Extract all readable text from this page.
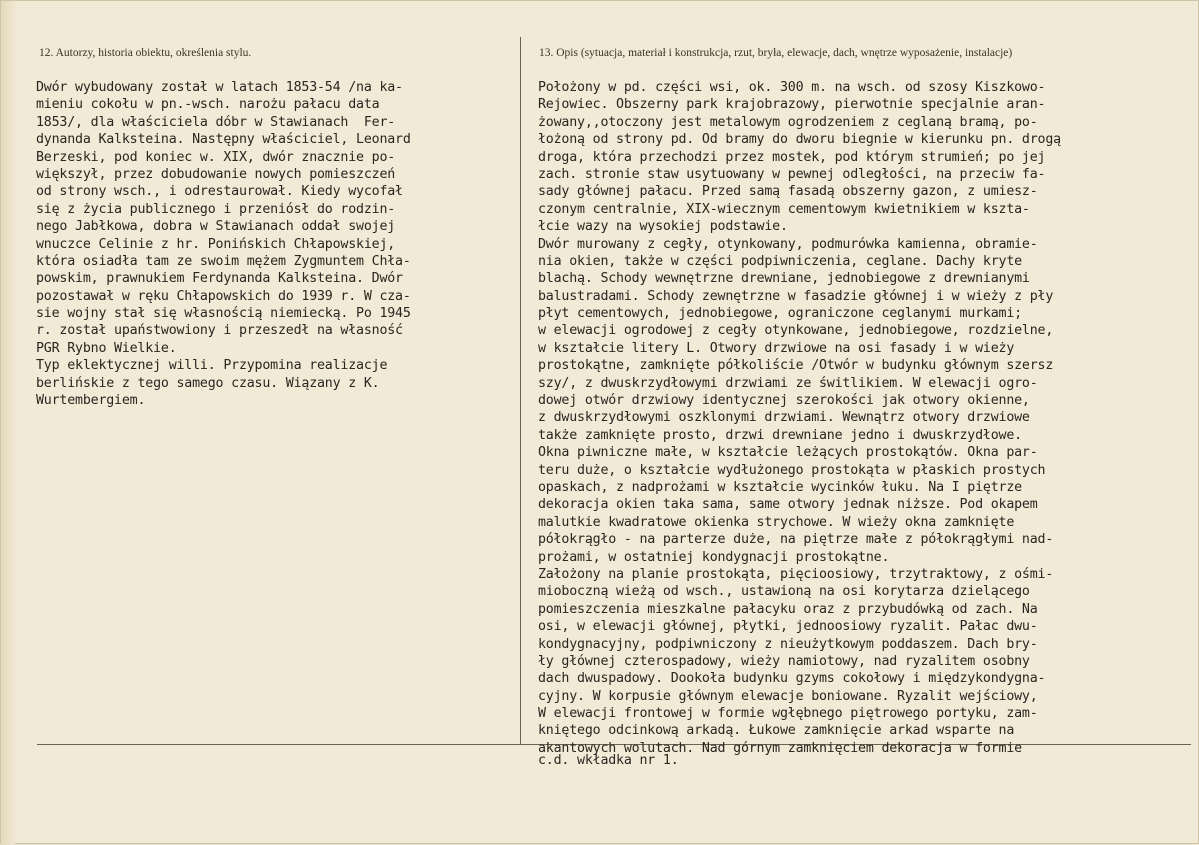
12. Autorzy, historia obiektu, określenia stylu.	13. Opis (sytuacja, materiał i konstrukcja, rzut, bryła, elewacje, dach, wnętrze wyposażenie, instalacje)
Dwór wybudowany został w latach 1853-54 /na ka-
mieniu cokołu w pn.-wsch. narożu pałacu data
1853/, dla właściciela dóbr w Stawianach  Fer-
dynanda Kalksteina. Następny właściciel, Leonard
Berzeski, pod koniec w. XIX, dwór znacznie po-
większył, przez dobudowanie nowych pomieszczeń
od strony wsch., i odrestaurował. Kiedy wycofał
się z życia publicznego i przeniósł do rodzin-
nego Jabłkowa, dobra w Stawianach oddał swojej
wnuczce Celinie z hr. Ponińskich Chłapowskiej,
która osiadła tam ze swoim mężem Zygmuntem Chła-
powskim, prawnukiem Ferdynanda Kalksteina. Dwór
pozostawał w ręku Chłapowskich do 1939 r. W cza-
sie wojny stał się własnością niemiecką. Po 1945
r. został upaństwowiony i przeszedł na własność
PGR Rybno Wielkie.
Typ eklektycznej willi. Przypomina realizacje
berlińskie z tego samego czasu. Wiązany z K.
Wurtembergiem.
Położony w pd. części wsi, ok. 300 m. na wsch. od szosy Kiszkowo-
Rejowiec. Obszerny park krajobrazowy, pierwotnie specjalnie aran-
żowany,,otoczony jest metalowym ogrodzeniem z ceglaną bramą, po-
łożoną od strony pd. Od bramy do dworu biegnie w kierunku pn. drogą
droga, która przechodzi przez mostek, pod którym strumień; po jej
zach. stronie staw usytuowany w pewnej odległości, na przeciw fa-
sady głównej pałacu. Przed samą fasadą obszerny gazon, z umiesz-
czonym centralnie, XIX-wiecznym cementowym kwietnikiem w kszta-
łcie wazy na wysokiej podstawie.
Dwór murowany z cegły, otynkowany, podmurówka kamienna, obramie-
nia okien, także w części podpiwniczenia, ceglane. Dachy kryte
blachą. Schody wewnętrzne drewniane, jednobiegowe z drewnianymi
balustradami. Schody zewnętrzne w fasadzie głównej i w wieży z pły
płyt cementowych, jednobiegowe, ograniczone ceglanymi murkami;
w elewacji ogrodowej z cegły otynkowane, jednobiegowe, rozdzielne,
w kształcie litery L. Otwory drzwiowe na osi fasady i w wieży
prostokątne, zamknięte półkoliście /Otwór w budynku głównym szersz
szy/, z dwuskrzydłowymi drzwiami ze świtlikiem. W elewacji ogro-
dowej otwór drzwiowy identycznej szerokości jak otwory okienne,
z dwuskrzydłowymi oszklonymi drzwiami. Wewnątrz otwory drzwiowe
także zamknięte prosto, drzwi drewniane jedno i dwuskrzydłowe.
Okna piwniczne małe, w kształcie leżących prostokątów. Okna par-
teru duże, o kształcie wydłużonego prostokąta w płaskich prostych
opaskach, z nadprożami w kształcie wycinków łuku. Na I piętrze
dekoracja okien taka sama, same otwory jednak niższe. Pod okapem
malutkie kwadratowe okienka strychowe. W wieży okna zamknięte
półokrągło - na parterze duże, na piętrze małe z półokrągłymi nad-
prożami, w ostatniej kondygnacji prostokątne.
Założony na planie prostokąta, pięcioosiowy, trzytraktowy, z ośmi-
mioboczną wieżą od wsch., ustawioną na osi korytarza dzielącego
pomieszczenia mieszkalne pałacyku oraz z przybudówką od zach. Na
osi, w elewacji głównej, płytki, jednoosiowy ryzalit. Pałac dwu-
kondygnacyjny, podpiwniczony z nieużytkowym poddaszem. Dach bry-
ły głównej czterospadowy, wieży namiotowy, nad ryzalitem osobny
dach dwuspadowy. Dookoła budynku gzyms cokołowy i międzykondygna-
cyjny. W korpusie głównym elewacje boniowane. Ryzalit wejściowy,
W elewacji frontowej w formie wgłębnego piętrowego portyku, zam-
kniętego odcinkową arkadą. Łukowe zamknięcie arkad wsparte na
akantowych wolutach. Nad górnym zamknięciem dekoracja w formie
c.d. wkładka nr 1.
